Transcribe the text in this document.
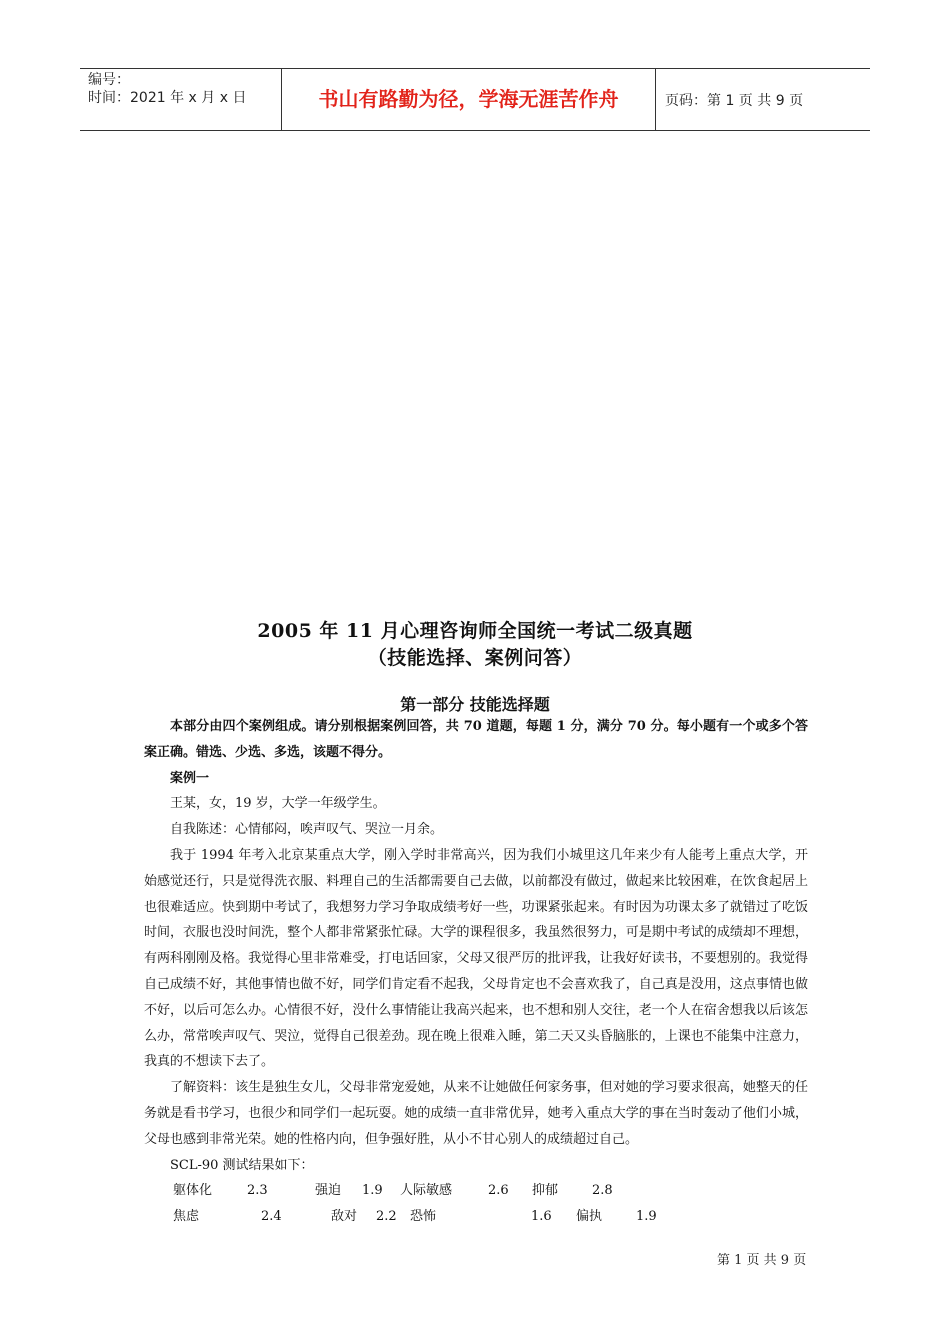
编号：
时间：2021 年 x 月 x 日	书山有路勤为径，学海无涯苦作舟	页码：第 1 页 共 9 页
2005 年 11 月心理咨询师全国统一考试二级真题
（技能选择、案例问答）
第一部分 技能选择题

本部分由四个案例组成。请分别根据案例回答，共 70 道题，每题 1 分，满分 70 分。每小题有一个或多个答案正确。错选、少选、多选，该题不得分。

案例一

王某，女，19 岁，大学一年级学生。

自我陈述：心情郁闷，唉声叹气、哭泣一月余。

我于 1994 年考入北京某重点大学，刚入学时非常高兴，因为我们小城里这几年来少有人能考上重点大学，开始感觉还行，只是觉得洗衣服、料理自己的生活都需要自己去做，以前都没有做过，做起来比较困难，在饮食起居上也很难适应。快到期中考试了，我想努力学习争取成绩考好一些，功课紧张起来。有时因为功课太多了就错过了吃饭时间，衣服也没时间洗，整个人都非常紧张忙碌。大学的课程很多，我虽然很努力，可是期中考试的成绩却不理想，有两科刚刚及格。我觉得心里非常难受，打电话回家，父母又很严厉的批评我，让我好好读书，不要想别的。我觉得自己成绩不好，其他事情也做不好，同学们肯定看不起我，父母肯定也不会喜欢我了，自己真是没用，这点事情也做不好，以后可怎么办。心情很不好，没什么事情能让我高兴起来，也不想和别人交往，老一个人在宿舍想我以后该怎么办，常常唉声叹气、哭泣，觉得自己很差劲。现在晚上很难入睡，第二天又头昏脑胀的，上课也不能集中注意力，我真的不想读下去了。

了解资料：该生是独生女儿，父母非常宠爱她，从来不让她做任何家务事，但对她的学习要求很高，她整天的任务就是看书学习，也很少和同学们一起玩耍。她的成绩一直非常优异，她考入重点大学的事在当时轰动了他们小城，父母也感到非常光荣。她的性格内向，但争强好胜，从小不甘心别人的成绩超过自己。

SCL-90 测试结果如下：

躯体化	2.3	强迫 1.9 人际敏感	2.6 抑郁	2.8
焦虑	2.4	敌对 2.2 恐怖	1.6 偏执	1.9
第 1 页 共 9 页
